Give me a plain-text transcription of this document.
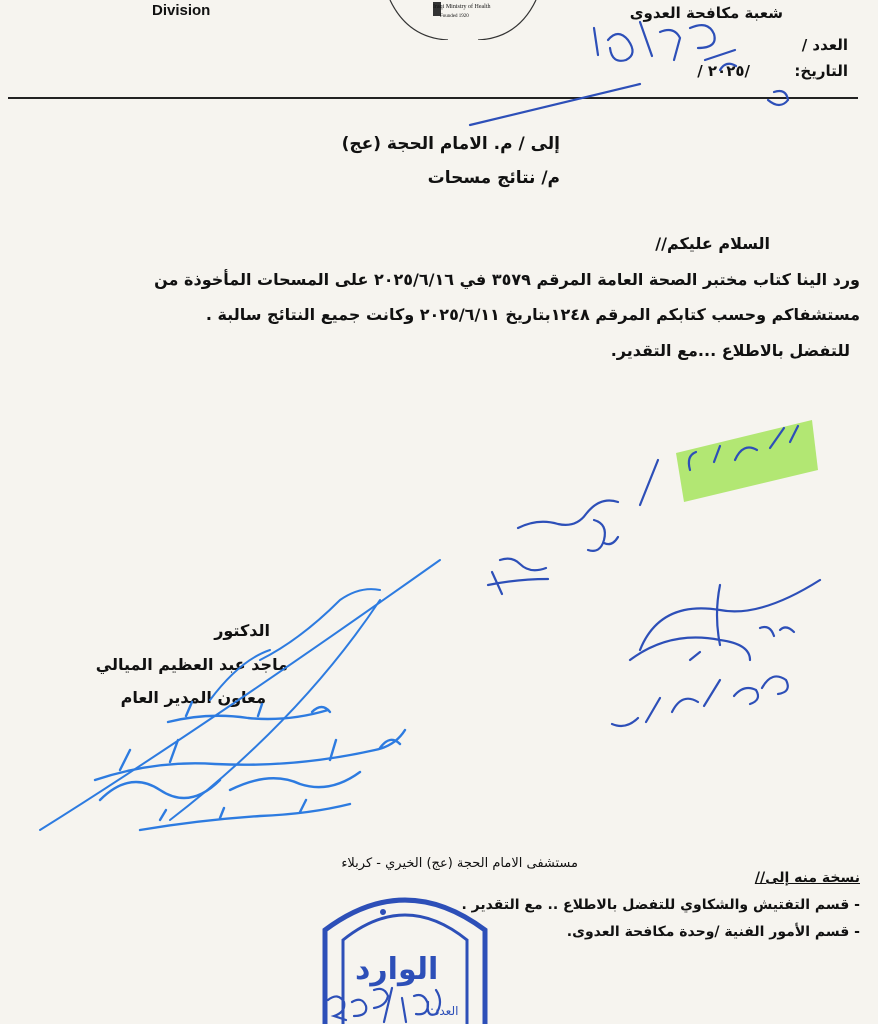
Division	Iraqi Ministry of Health
Founded 1920	شعبة مكافحة العدوى
العدد /
التاريخ:
/ ٢٠٢٥/
إلى / م. الامام الحجة (عج)
م/ نتائج مسحات
السلام عليكم//
ورد الينا كتاب مختبر الصحة العامة المرقم ٣٥٧٩ في ٢٠٢٥/٦/١٦ على المسحات المأخوذة من
مستشفاكم وحسب كتابكم المرقم ١٢٤٨بتاريخ ٢٠٢٥/٦/١١ وكانت جميع النتائج سالبة .
للتفضل بالاطلاع ...مع التقدير.
الدكتور
ماجد عبد العظيم الميالي
معاون المدير العام
مستشفى الامام الحجة (عج) الخيري - كربلاء
نسخة منه إلى//
- قسم التفتيش والشكاوي للتفضل بالاطلاع .. مع التقدير .
- قسم الأمور الفنية /وحدة مكافحة العدوى.
الوارد
العدد:
